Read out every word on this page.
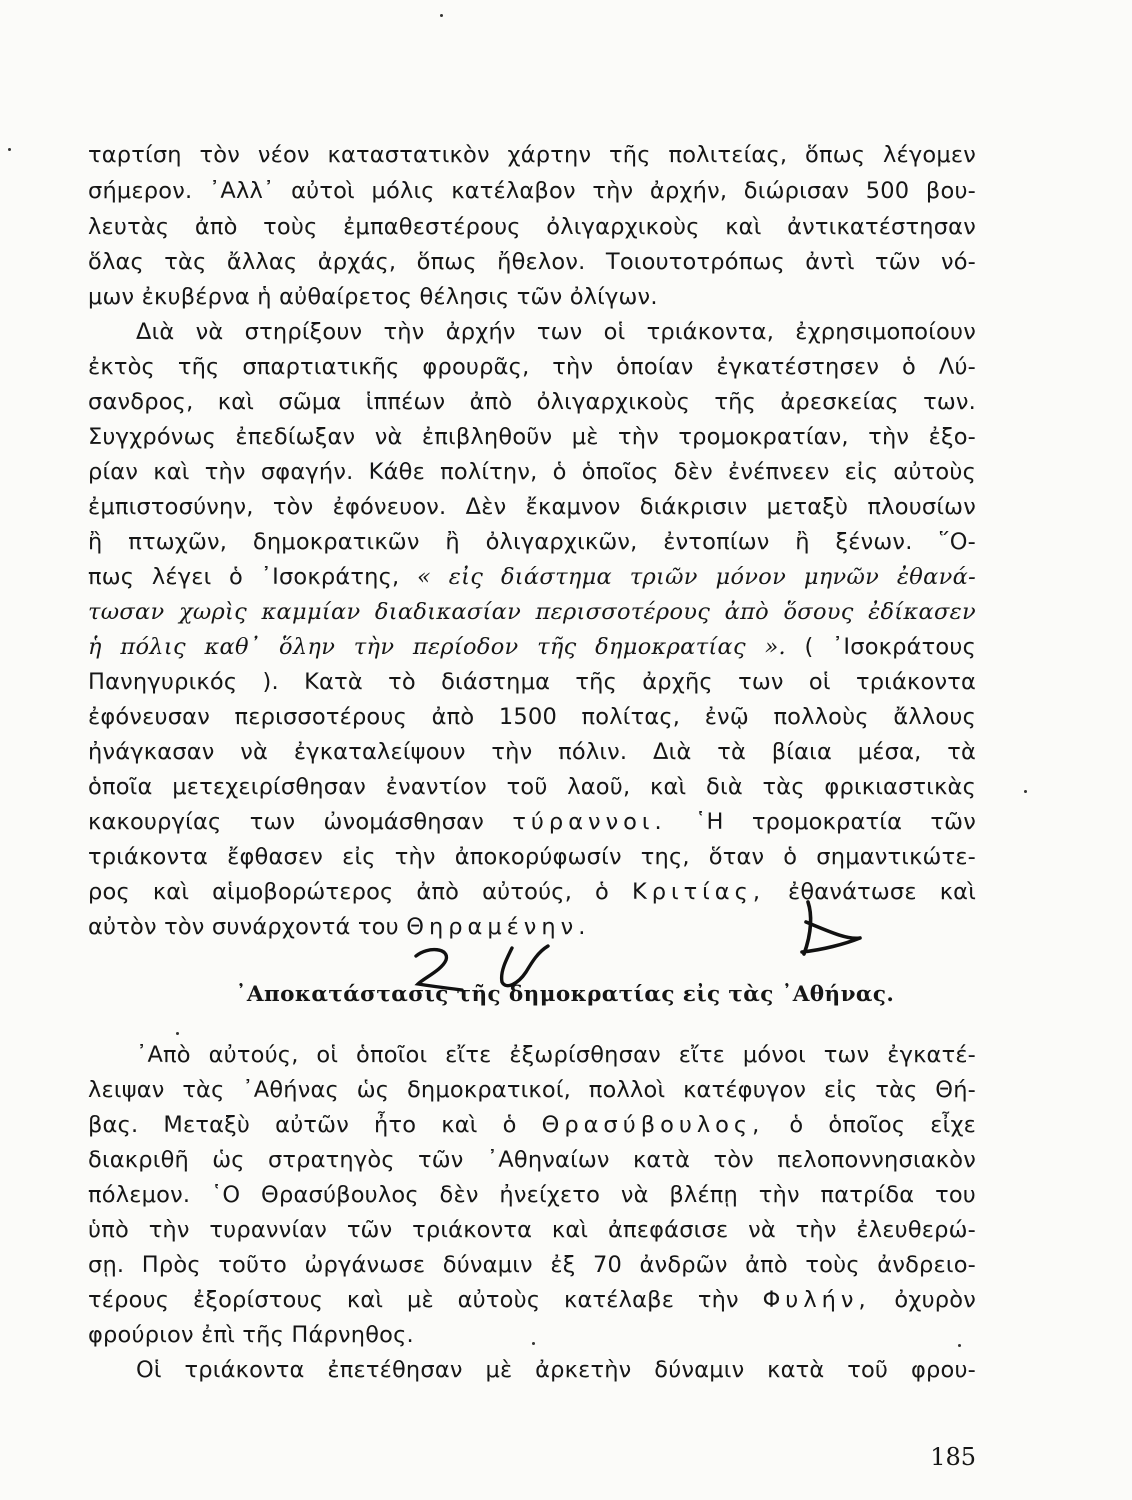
ταρτίση τὸν νέον καταστατικὸν χάρτην τῆς πολιτείας, ὅπως λέγομεν
σήμερον. ᾿Αλλ᾿ αὐτοὶ μόλις κατέλαβον τὴν ἀρχήν, διώρισαν 500 βου-
λευτὰς ἀπὸ τοὺς ἐμπαθεστέρους ὀλιγαρχικοὺς καὶ ἀντικατέστησαν
ὅλας τὰς ἄλλας ἀρχάς, ὅπως ἤθελον. Τοιουτοτρόπως ἀντὶ τῶν νό-
μων ἐκυβέρνα ἡ αὐθαίρετος θέλησις τῶν ὀλίγων.
Διὰ νὰ στηρίξουν τὴν ἀρχήν των οἱ τριάκοντα, ἐχρησιμοποίουν
ἐκτὸς τῆς σπαρτιατικῆς φρουρᾶς, τὴν ὁποίαν ἐγκατέστησεν ὁ Λύ-
σανδρος, καὶ σῶμα ἱππέων ἀπὸ ὀλιγαρχικοὺς τῆς ἀρεσκείας των.
Συγχρόνως ἐπεδίωξαν νὰ ἐπιβληθοῦν μὲ τὴν τρομοκρατίαν, τὴν ἐξο-
ρίαν καὶ τὴν σφαγήν. Κάθε πολίτην, ὁ ὁποῖος δὲν ἐνέπνεεν εἰς αὐτοὺς
ἐμπιστοσύνην, τὸν ἐφόνευον. Δὲν ἔκαμνον διάκρισιν μεταξὺ πλουσίων
ἢ πτωχῶν, δημοκρατικῶν ἢ ὀλιγαρχικῶν, ἐντοπίων ἢ ξένων. ῞Ο-
πως λέγει ὁ ᾿Ισοκράτης, « εἰς διάστημα τριῶν μόνον μηνῶν ἐθανά-
τωσαν χωρὶς καμμίαν διαδικασίαν περισσοτέρους ἀπὸ ὅσους ἐδίκασεν
ἡ πόλις καθ᾿ ὅλην τὴν περίοδον τῆς δημοκρατίας ». ( ᾿Ισοκράτους
Πανηγυρικός ). Κατὰ τὸ διάστημα τῆς ἀρχῆς των οἱ τριάκοντα
ἐφόνευσαν περισσοτέρους ἀπὸ 1500 πολίτας, ἐνῷ πολλοὺς ἄλλους
ἠνάγκασαν νὰ ἐγκαταλείψουν τὴν πόλιν. Διὰ τὰ βίαια μέσα, τὰ
ὁποῖα μετεχειρίσθησαν ἐναντίον τοῦ λαοῦ, καὶ διὰ τὰς φρικιαστικὰς
κακουργίας των ὠνομάσθησαν τύραννοι. ῾Η τρομοκρατία τῶν
τριάκοντα ἔφθασεν εἰς τὴν ἀποκορύφωσίν της, ὅταν ὁ σημαντικώτε-
ρος καὶ αἱμοβορώτερος ἀπὸ αὐτούς, ὁ Κριτίας, ἐθανάτωσε καὶ
αὐτὸν τὸν συνάρχοντά του Θηραμένην.
᾿Αποκατάστασις τῆς δημοκρατίας εἰς τὰς ᾿Αθήνας.
᾿Απὸ αὐτούς, οἱ ὁποῖοι εἴτε ἐξωρίσθησαν εἴτε μόνοι των ἐγκατέ-
λειψαν τὰς ᾿Αθήνας ὡς δημοκρατικοί, πολλοὶ κατέφυγον εἰς τὰς Θή-
βας. Μεταξὺ αὐτῶν ἦτο καὶ ὁ Θρασύβουλος, ὁ ὁποῖος εἶχε
διακριθῆ ὡς στρατηγὸς τῶν ᾿Αθηναίων κατὰ τὸν πελοποννησιακὸν
πόλεμον. ῾Ο Θρασύβουλος δὲν ἠνείχετο νὰ βλέπῃ τὴν πατρίδα του
ὑπὸ τὴν τυραννίαν τῶν τριάκοντα καὶ ἀπεφάσισε νὰ τὴν ἐλευθερώ-
σῃ. Πρὸς τοῦτο ὠργάνωσε δύναμιν ἐξ 70 ἀνδρῶν ἀπὸ τοὺς ἀνδρειο-
τέρους ἐξορίστους καὶ μὲ αὐτοὺς κατέλαβε τὴν Φυλήν, ὀχυρὸν
φρούριον ἐπὶ τῆς Πάρνηθος.
Οἱ τριάκοντα ἐπετέθησαν μὲ ἀρκετὴν δύναμιν κατὰ τοῦ φρου-
185
